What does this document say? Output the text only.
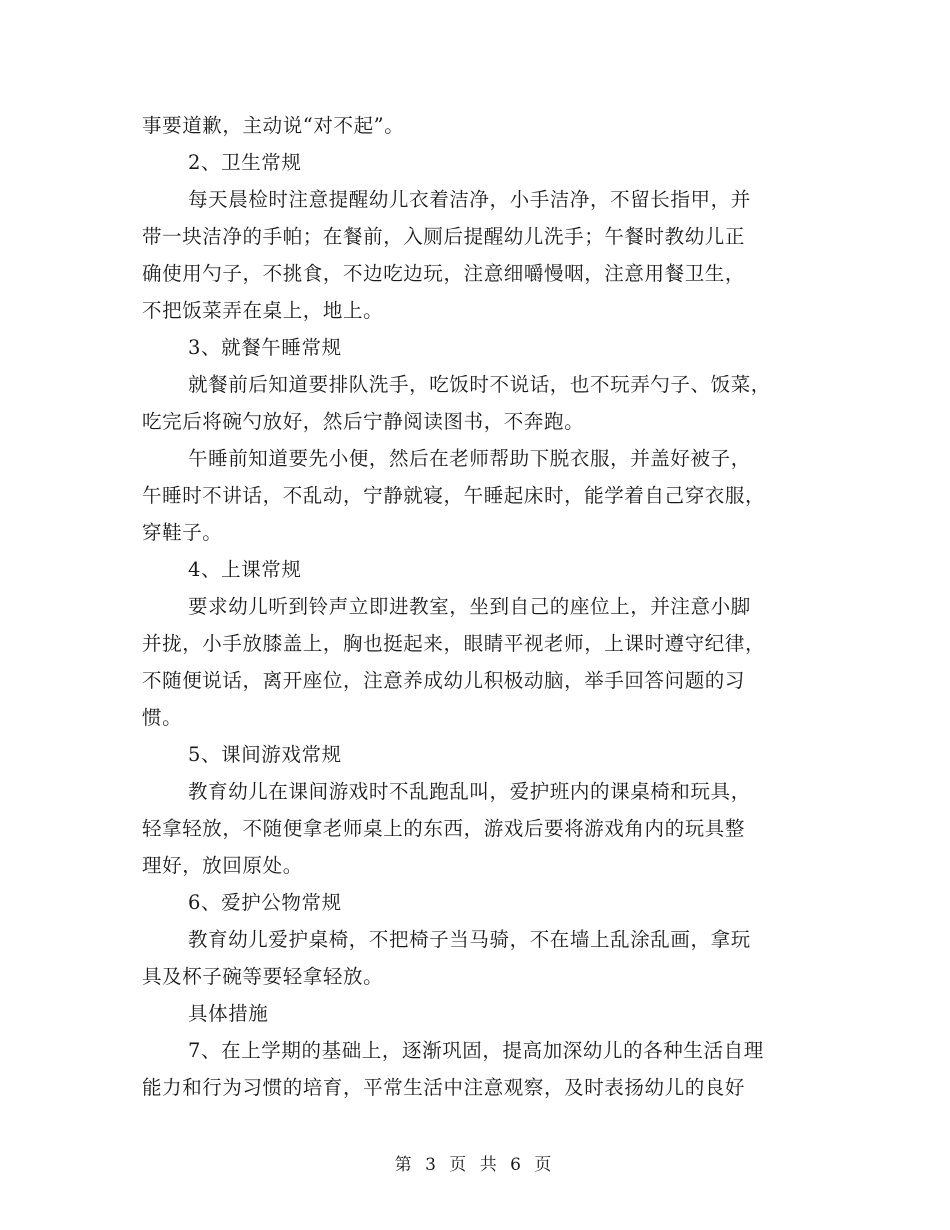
事要道歉，主动说“对不起”。
2、卫生常规
每天晨检时注意提醒幼儿衣着洁净，小手洁净，不留长指甲，并
带一块洁净的手帕；在餐前，入厕后提醒幼儿洗手；午餐时教幼儿正
确使用勺子，不挑食，不边吃边玩，注意细嚼慢咽，注意用餐卫生，
不把饭菜弄在桌上，地上。
3、就餐午睡常规
就餐前后知道要排队洗手，吃饭时不说话，也不玩弄勺子、饭菜，
吃完后将碗勺放好，然后宁静阅读图书，不奔跑。
午睡前知道要先小便，然后在老师帮助下脱衣服，并盖好被子，
午睡时不讲话，不乱动，宁静就寝，午睡起床时，能学着自己穿衣服，
穿鞋子。
4、上课常规
要求幼儿听到铃声立即进教室，坐到自己的座位上，并注意小脚
并拢，小手放膝盖上，胸也挺起来，眼睛平视老师，上课时遵守纪律，
不随便说话，离开座位，注意养成幼儿积极动脑，举手回答问题的习
惯。
5、课间游戏常规
教育幼儿在课间游戏时不乱跑乱叫，爱护班内的课桌椅和玩具，
轻拿轻放，不随便拿老师桌上的东西，游戏后要将游戏角内的玩具整
理好，放回原处。
6、爱护公物常规
教育幼儿爱护桌椅，不把椅子当马骑，不在墙上乱涂乱画，拿玩
具及杯子碗等要轻拿轻放。
具体措施
7、在上学期的基础上，逐渐巩固，提高加深幼儿的各种生活自理
能力和行为习惯的培育，平常生活中注意观察，及时表扬幼儿的良好
第 3 页 共 6 页
